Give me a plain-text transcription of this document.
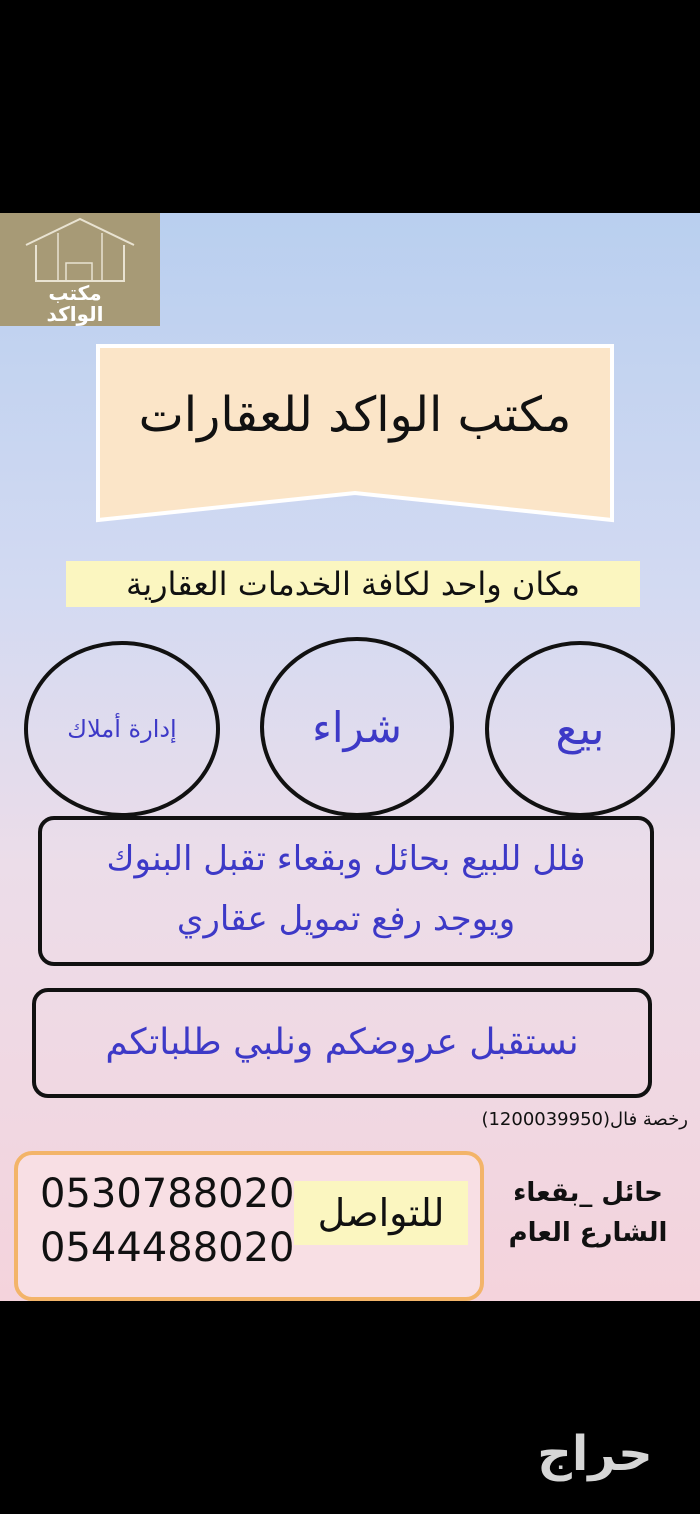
مكتب
الواكد
مكتب الواكد للعقارات
مكان واحد لكافة الخدمات العقارية
بيع
شراء
إدارة أملاك
فلل للبيع بحائل وبقعاء تقبل البنوك
ويوجد رفع تمويل عقاري
نستقبل عروضكم ونلبي طلباتكم
رخصة فال(1200039950)
للتواصل
0530788020
0544488020
حائل _بقعاء
الشارع العام
حراج
